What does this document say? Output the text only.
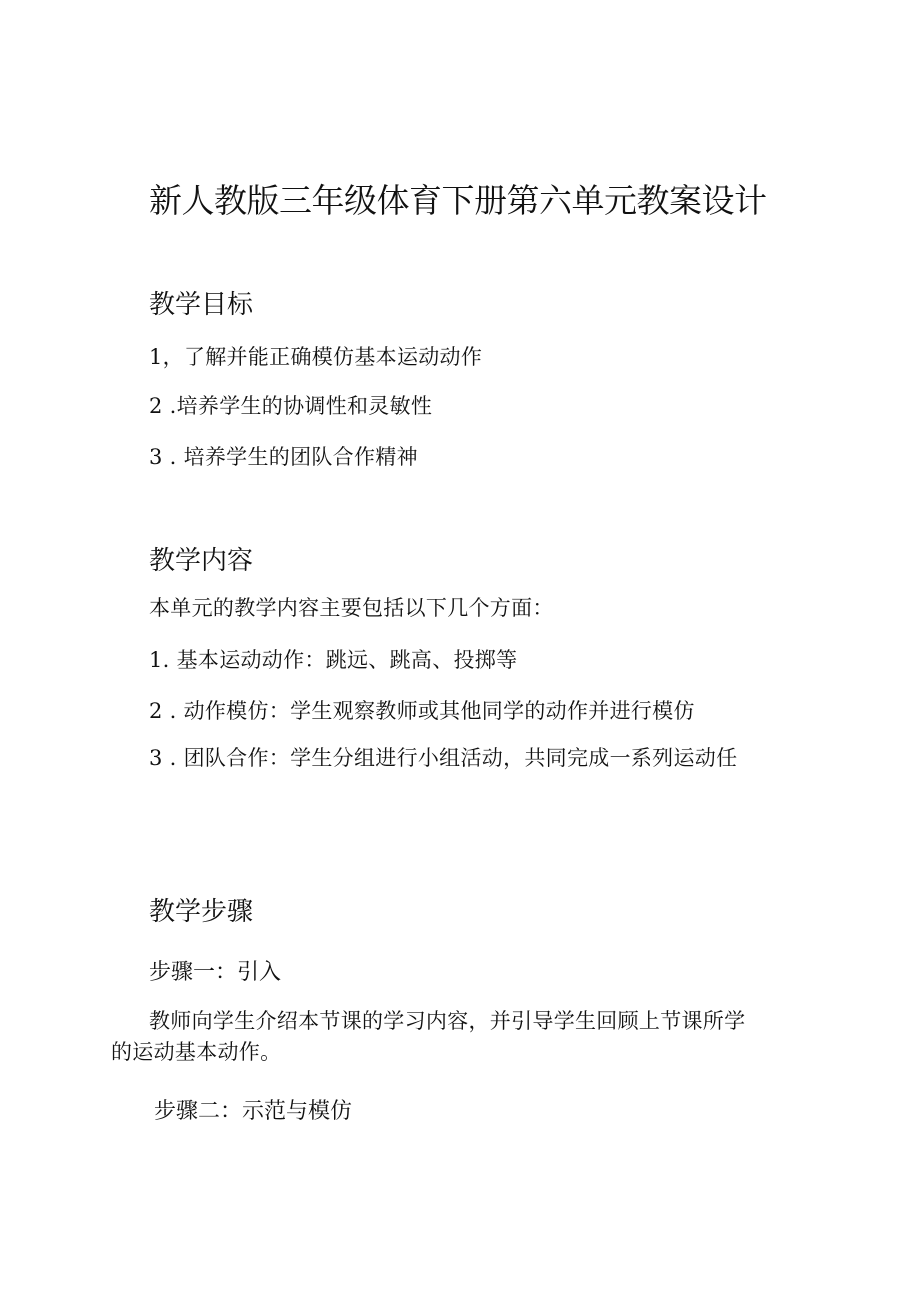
新人教版三年级体育下册第六单元教案设计
教学目标

1，了解并能正确模仿基本运动动作

2 .培养学生的协调性和灵敏性

3 . 培养学生的团队合作精神

教学内容

本单元的教学内容主要包括以下几个方面：

1. 基本运动动作：跳远、跳高、投掷等

2 . 动作模仿：学生观察教师或其他同学的动作并进行模仿

3 . 团队合作：学生分组进行小组活动，共同完成一系列运动任

教学步骤
步骤一：引入

教师向学生介绍本节课的学习内容，并引导学生回顾上节课所学

的运动基本动作。

步骤二：示范与模仿
